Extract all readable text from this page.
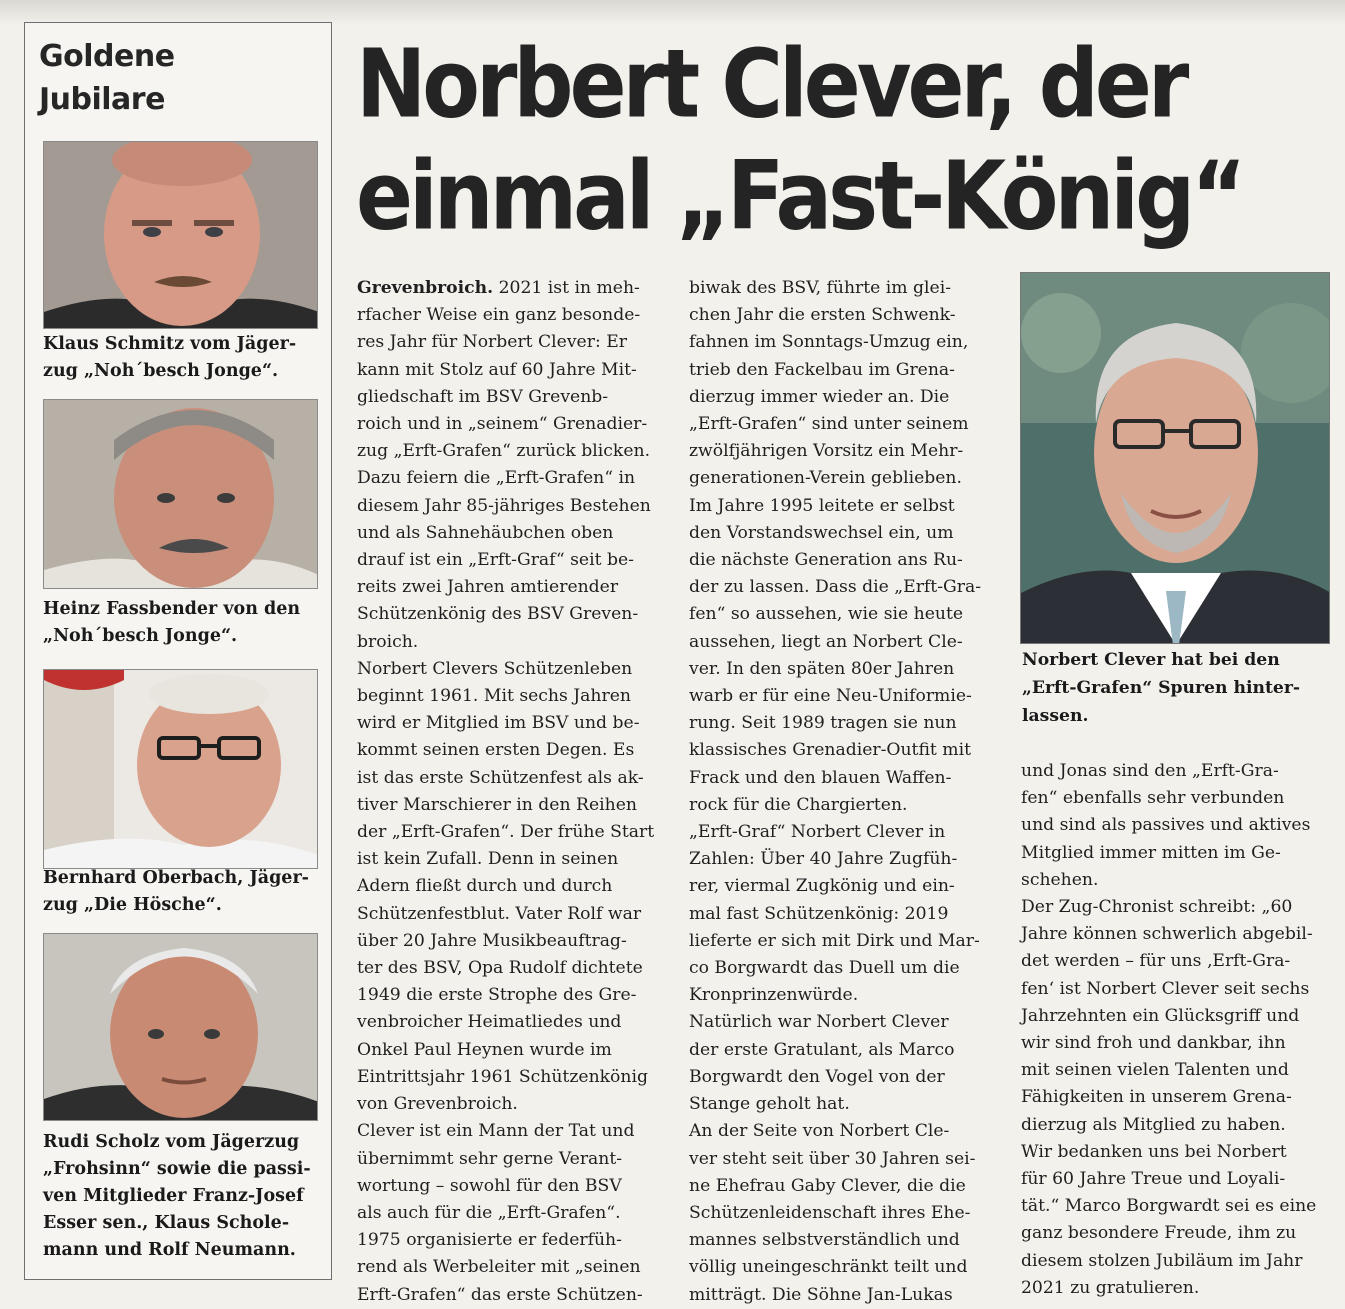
Goldene Jubilare
Klaus Schmitz vom Jäger-
zug „Noh´besch Jonge“.
Heinz Fassbender von den
„Noh´besch Jonge“.
Bernhard Oberbach, Jäger-
zug „Die Hösche“.
Rudi Scholz vom Jägerzug
„Frohsinn“ sowie die passi-
ven Mitglieder Franz-Josef
Esser sen., Klaus Schole-
mann und Rolf Neumann.
Norbert Clever, der
einmal „Fast-König“
Grevenbroich. 2021 ist in meh-
rfacher Weise ein ganz besonde-
res Jahr für Norbert Clever: Er
kann mit Stolz auf 60 Jahre Mit-
gliedschaft im BSV Grevenb-
roich und in „seinem“ Grenadier-
zug „Erft-Grafen“ zurück blicken.
Dazu feiern die „Erft-Grafen“ in
diesem Jahr 85-jähriges Bestehen
und als Sahnehäubchen oben
drauf ist ein „Erft-Graf“ seit be-
reits zwei Jahren amtierender
Schützenkönig des BSV Greven-
broich.
Norbert Clevers Schützenleben
beginnt 1961. Mit sechs Jahren
wird er Mitglied im BSV und be-
kommt seinen ersten Degen. Es
ist das erste Schützenfest als ak-
tiver Marschierer in den Reihen
der „Erft-Grafen“. Der frühe Start
ist kein Zufall. Denn in seinen
Adern fließt durch und durch
Schützenfestblut. Vater Rolf war
über 20 Jahre Musikbeauftrag-
ter des BSV, Opa Rudolf dichtete
1949 die erste Strophe des Gre-
venbroicher Heimatliedes und
Onkel Paul Heynen wurde im
Eintrittsjahr 1961 Schützenkönig
von Grevenbroich.
Clever ist ein Mann der Tat und
übernimmt sehr gerne Verant-
wortung – sowohl für den BSV
als auch für die „Erft-Grafen“.
1975 organisierte er federfüh-
rend als Werbeleiter mit „seinen
Erft-Grafen“ das erste Schützen-
biwak des BSV, führte im glei-
chen Jahr die ersten Schwenk-
fahnen im Sonntags-Umzug ein,
trieb den Fackelbau im Grena-
dierzug immer wieder an. Die
„Erft-Grafen“ sind unter seinem
zwölfjährigen Vorsitz ein Mehr-
generationen-Verein geblieben.
Im Jahre 1995 leitete er selbst
den Vorstandswechsel ein, um
die nächste Generation ans Ru-
der zu lassen. Dass die „Erft-Gra-
fen“ so aussehen, wie sie heute
aussehen, liegt an Norbert Cle-
ver. In den späten 80er Jahren
warb er für eine Neu-Uniformie-
rung. Seit 1989 tragen sie nun
klassisches Grenadier-Outfit mit
Frack und den blauen Waffen-
rock für die Chargierten.
„Erft-Graf“ Norbert Clever in
Zahlen: Über 40 Jahre Zugfüh-
rer, viermal Zugkönig und ein-
mal fast Schützenkönig: 2019
lieferte er sich mit Dirk und Mar-
co Borgwardt das Duell um die
Kronprinzenwürde.
Natürlich war Norbert Clever
der erste Gratulant, als Marco
Borgwardt den Vogel von der
Stange geholt hat.
An der Seite von Norbert Cle-
ver steht seit über 30 Jahren sei-
ne Ehefrau Gaby Clever, die die
Schützenleidenschaft ihres Ehe-
mannes selbstverständlich und
völlig uneingeschränkt teilt und
mitträgt. Die Söhne Jan-Lukas
Norbert Clever hat bei den
„Erft-Grafen“ Spuren hinter-
lassen.
und Jonas sind den „Erft-Gra-
fen“ ebenfalls sehr verbunden
und sind als passives und aktives
Mitglied immer mitten im Ge-
schehen.
Der Zug-Chronist schreibt: „60
Jahre können schwerlich abgebil-
det werden – für uns ‚Erft-Gra-
fen‘ ist Norbert Clever seit sechs
Jahrzehnten ein Glücksgriff und
wir sind froh und dankbar, ihn
mit seinen vielen Talenten und
Fähigkeiten in unserem Grena-
dierzug als Mitglied zu haben.
Wir bedanken uns bei Norbert
für 60 Jahre Treue und Loyali-
tät.“ Marco Borgwardt sei es eine
ganz besondere Freude, ihm zu
diesem stolzen Jubiläum im Jahr
2021 zu gratulieren.
